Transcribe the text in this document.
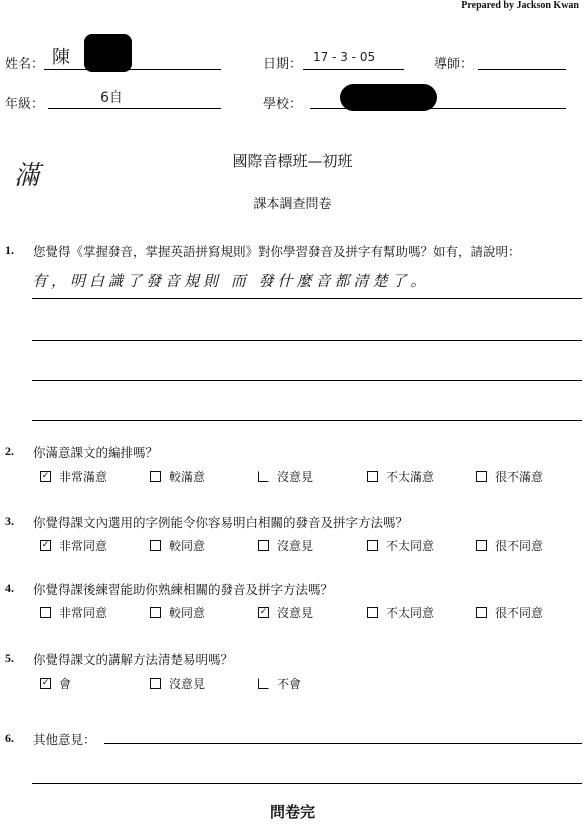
Prepared by Jackson Kwan
姓名： 陳	日期： 17 - 3 - 05	導師：
年級：	6自	學校：
滿	國際音標班—初班
課本調查問卷
1. 您覺得《掌握發音，掌握英語拼寫規則》對你學習發音及拼字有幫助嗎？如有，請說明：
有，明白識了發音規則 而 發什麼音都清楚了。
2. 你滿意課文的編排嗎？
✓ 非常滿意	較滿意	沒意見	不太滿意	很不滿意
3. 你覺得課文內選用的字例能令你容易明白相關的發音及拼字方法嗎？
✓ 非常同意	較同意	沒意見	不太同意	很不同意
4. 你覺得課後練習能助你熟練相關的發音及拼字方法嗎？
非常同意	較同意	✓ 沒意見	不太同意	很不同意
5. 你覺得課文的講解方法清楚易明嗎？
✓ 會	沒意見	不會
6. 其他意見：
問卷完
